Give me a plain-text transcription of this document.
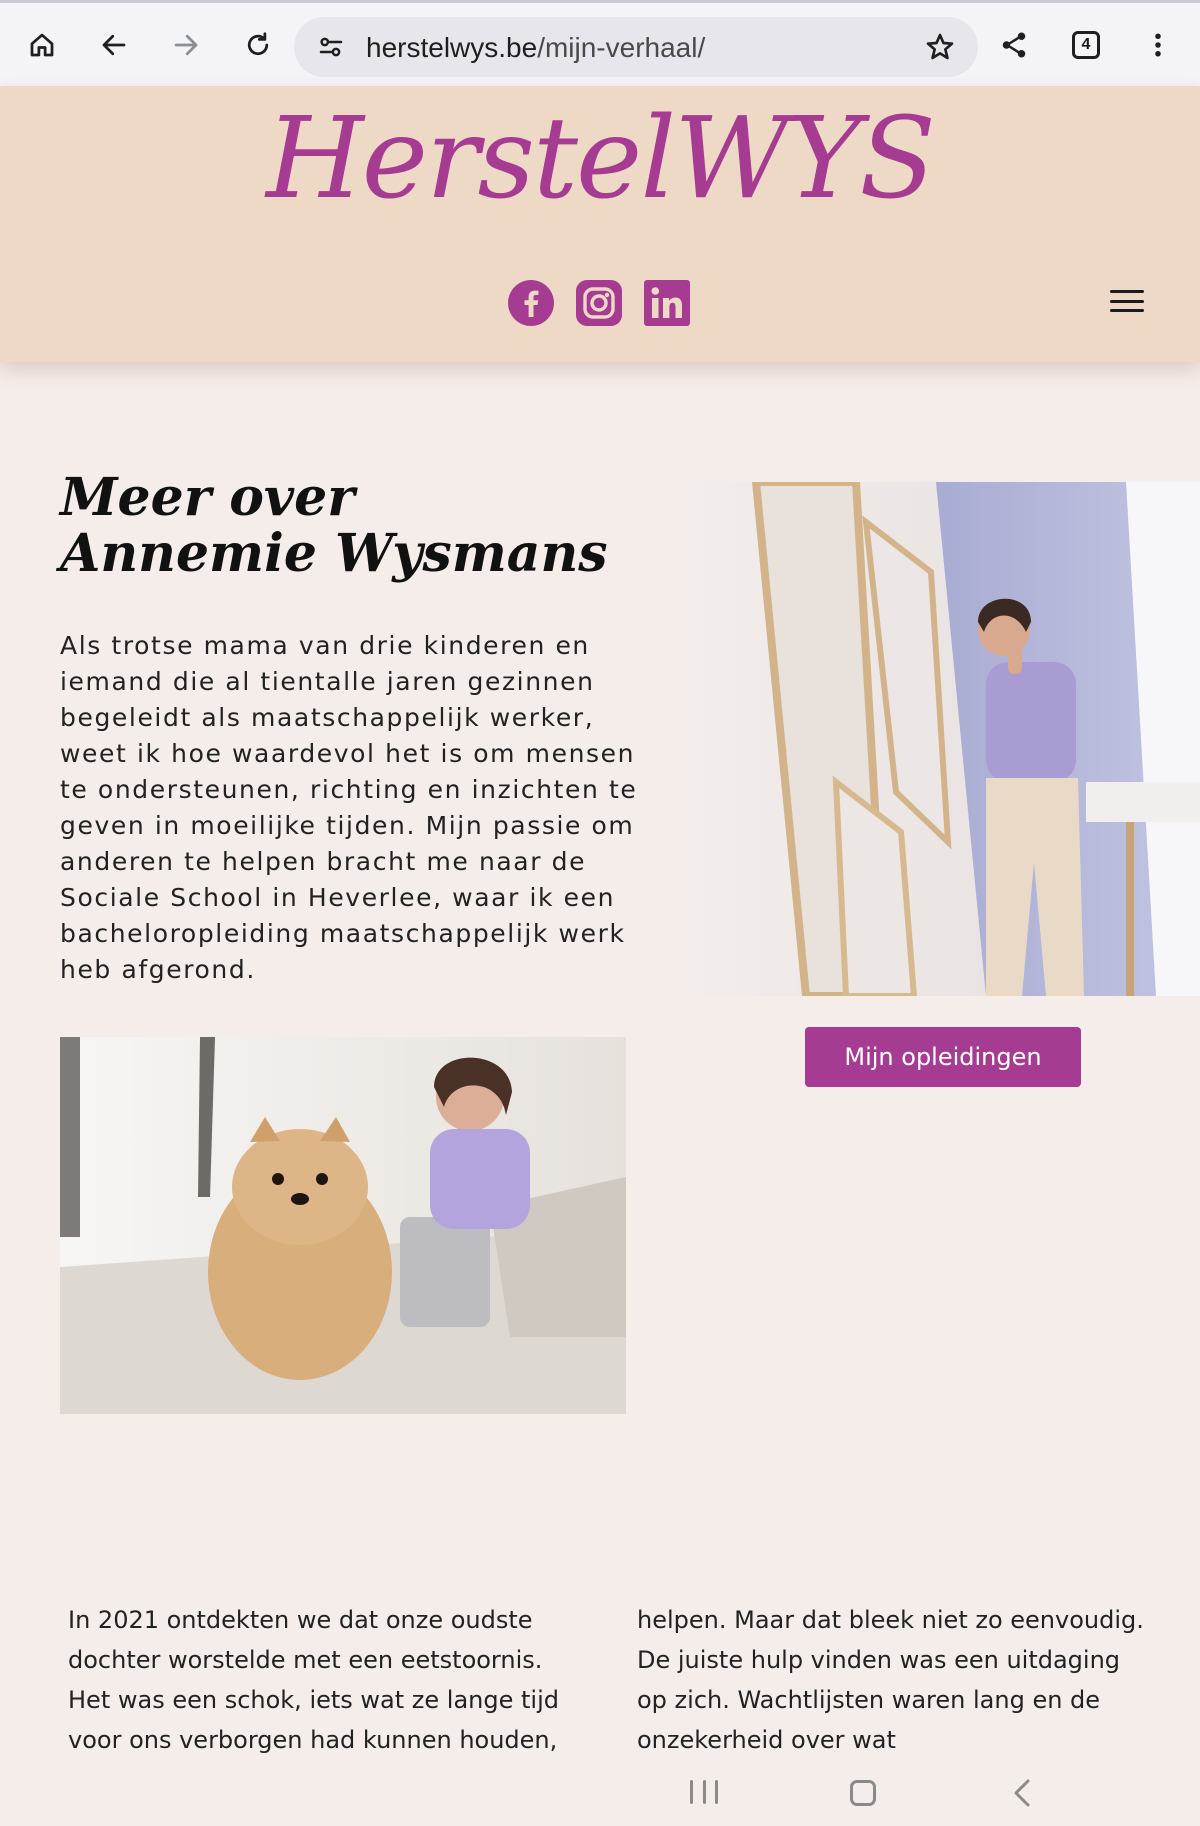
herstelwys.be/mijn-verhaal/	4
HerstelWYS
Meer over Annemie Wysmans

Als trotse mama van drie kinderen en iemand die al tientalle jaren gezinnen begeleidt als maatschappelijk werker, weet ik hoe waardevol het is om mensen te ondersteunen, richting en inzichten te geven in moeilijke tijden. Mijn passie om anderen te helpen bracht me naar de Sociale School in Heverlee, waar ik een bacheloropleiding maatschappelijk werk heb afgerond.

Mijn opleidingen

In 2021 ontdekten we dat onze oudste dochter worstelde met een eetstoornis. Het was een schok, iets wat ze lange tijd voor ons verborgen had kunnen houden,

helpen. Maar dat bleek niet zo eenvoudig. De juiste hulp vinden was een uitdaging op zich. Wachtlijsten waren lang en de onzekerheid over wat
